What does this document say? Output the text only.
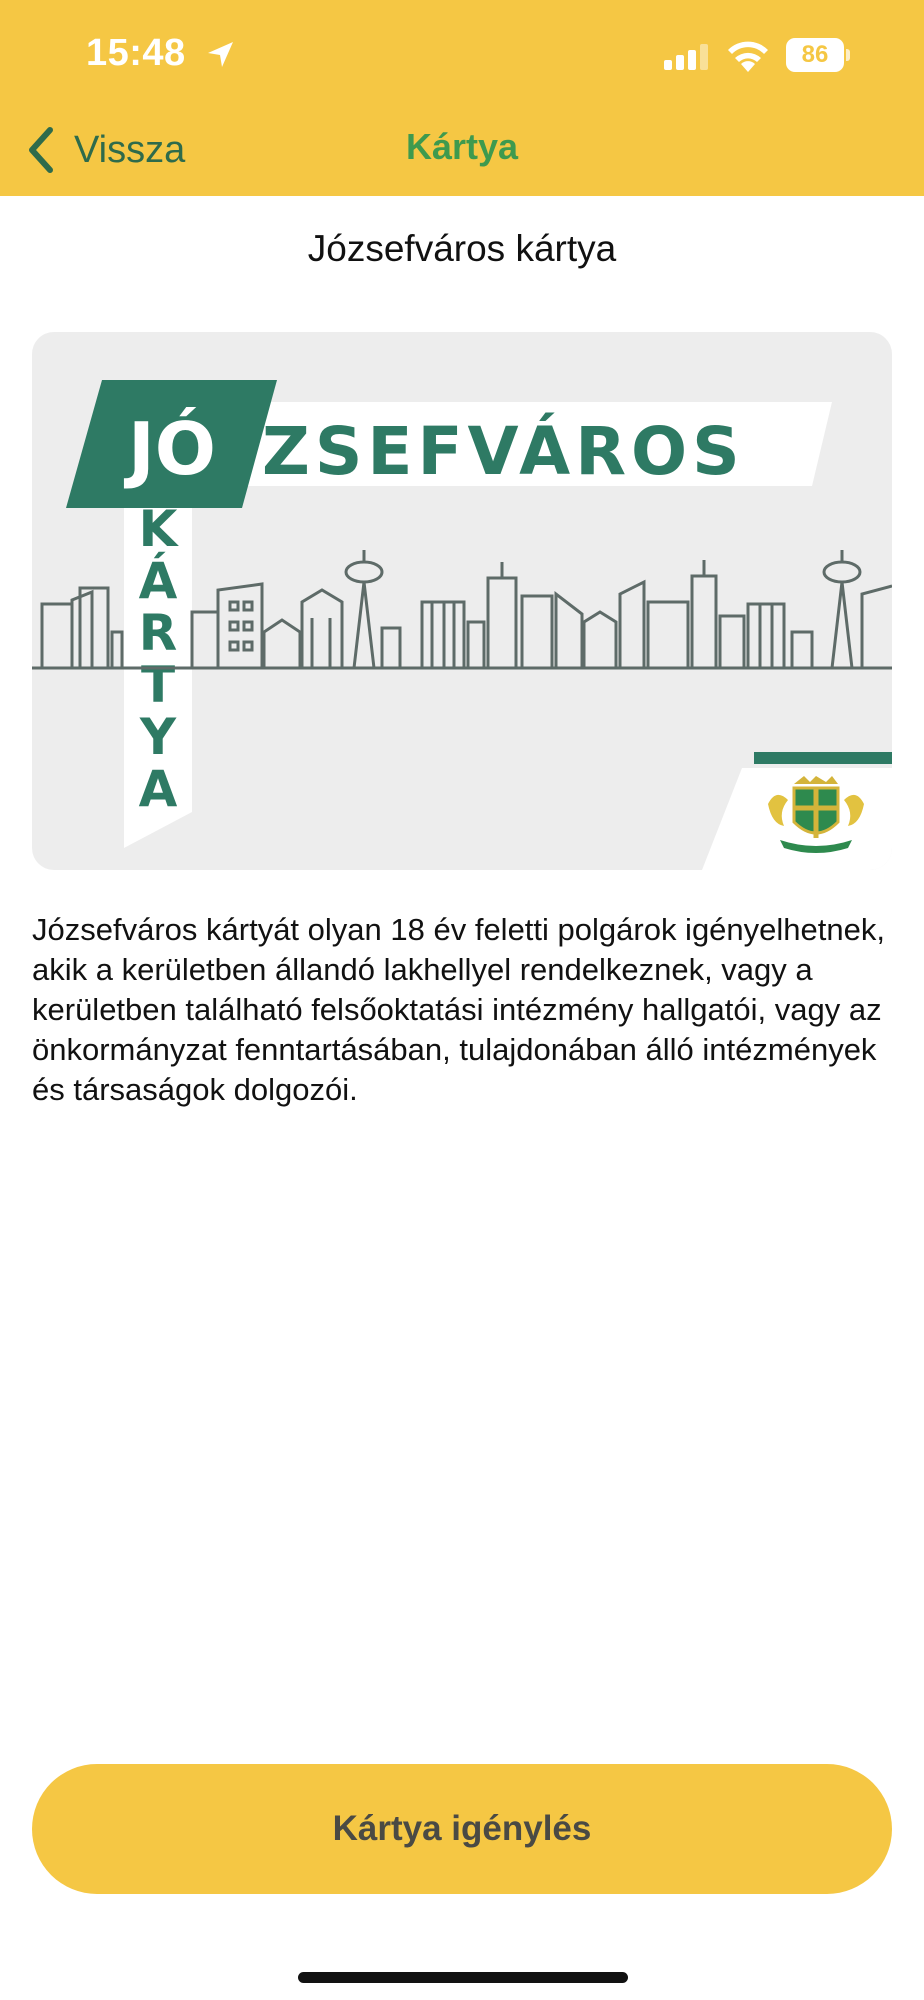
15:48	86
Vissza	Kártya
Józsefváros kártya
JÓ ZSEFVÁROS
K Á R T Y A
Józsefváros kártyát olyan 18 év feletti polgárok igényelhetnek, akik a kerületben állandó lakhellyel rendelkeznek, vagy a kerületben található felsőoktatási intézmény hallgatói, vagy az önkormányzat fenntartásában, tulajdonában álló intézmények és társaságok dolgozói.
Kártya igénylés
